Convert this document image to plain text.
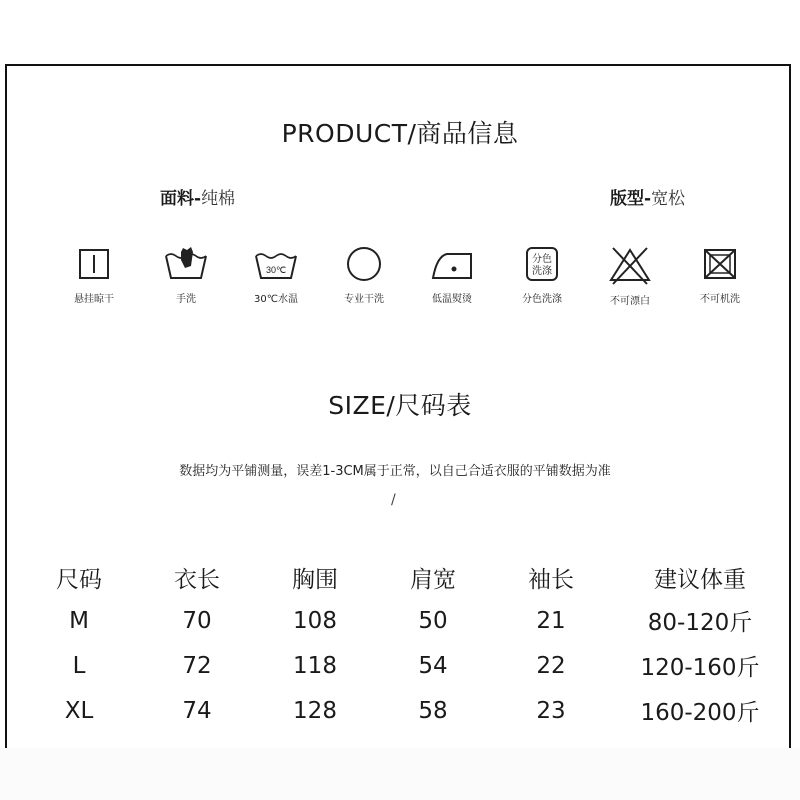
PRODUCT/商品信息
面料-纯棉	版型-宽松
悬挂晾干	手洗
30℃
30℃水温	专业干洗	低温熨烫
分色
洗涤
分色洗涤	不可漂白	不可机洗
SIZE/尺码表
数据均为平铺测量，误差1-3CM属于正常，以自己合适衣服的平铺数据为准
/
尺码	衣长	胸围	肩宽	袖长	建议体重
M	70	108	50	21	80-120斤
L	72	118	54	22	120-160斤
XL	74	128	58	23	160-200斤
